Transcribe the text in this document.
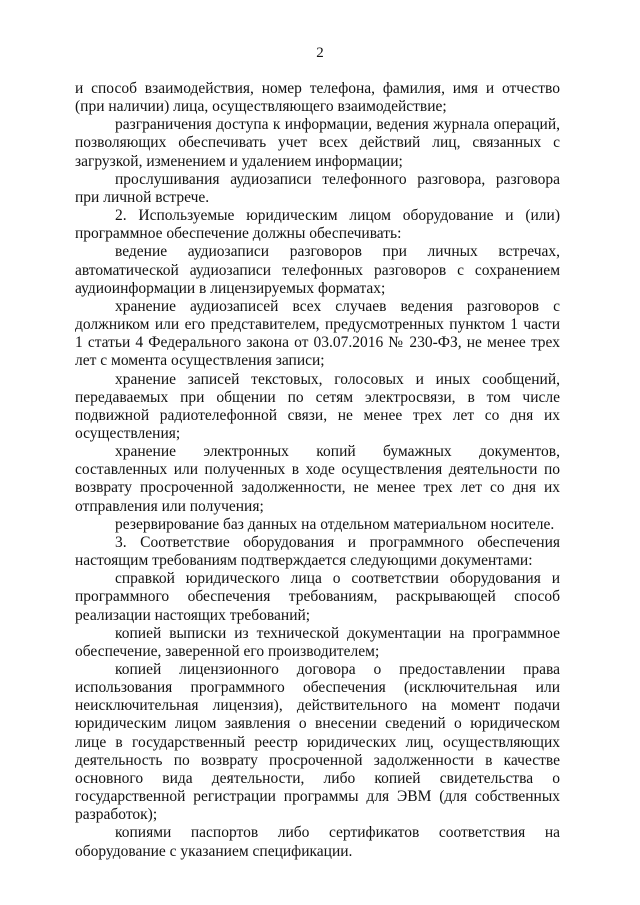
2

и способ взаимодействия, номер телефона, фамилия, имя и отчество (при наличии) лица, осуществляющего взаимодействие;

разграничения доступа к информации, ведения журнала операций, позволяющих обеспечивать учет всех действий лиц, связанных с загрузкой, изменением и удалением информации;

прослушивания аудиозаписи телефонного разговора, разговора при личной встрече.

2. Используемые юридическим лицом оборудование и (или) программное обеспечение должны обеспечивать:

ведение аудиозаписи разговоров при личных встречах, автоматической аудиозаписи телефонных разговоров с сохранением аудиоинформации в лицензируемых форматах;

хранение аудиозаписей всех случаев ведения разговоров с должником или его представителем, предусмотренных пунктом 1 части 1 статьи 4 Федерального закона от 03.07.2016 № 230-ФЗ, не менее трех лет с момента осуществления записи;

хранение записей текстовых, голосовых и иных сообщений, передаваемых при общении по сетям электросвязи, в том числе подвижной радиотелефонной связи, не менее трех лет со дня их осуществления;

хранение электронных копий бумажных документов, составленных или полученных в ходе осуществления деятельности по возврату просроченной задолженности, не менее трех лет со дня их отправления или получения;

резервирование баз данных на отдельном материальном носителе.

3. Соответствие оборудования и программного обеспечения настоящим требованиям подтверждается следующими документами:

справкой юридического лица о соответствии оборудования и программного обеспечения требованиям, раскрывающей способ реализации настоящих требований;

копией выписки из технической документации на программное обеспечение, заверенной его производителем;

копией лицензионного договора о предоставлении права использования программного обеспечения (исключительная или неисключительная лицензия), действительного на момент подачи юридическим лицом заявления о внесении сведений о юридическом лице в государственный реестр юридических лиц, осуществляющих деятельность по возврату просроченной задолженности в качестве основного вида деятельности, либо копией свидетельства о государственной регистрации программы для ЭВМ (для собственных разработок);

копиями паспортов либо сертификатов соответствия на оборудование с указанием спецификации.
